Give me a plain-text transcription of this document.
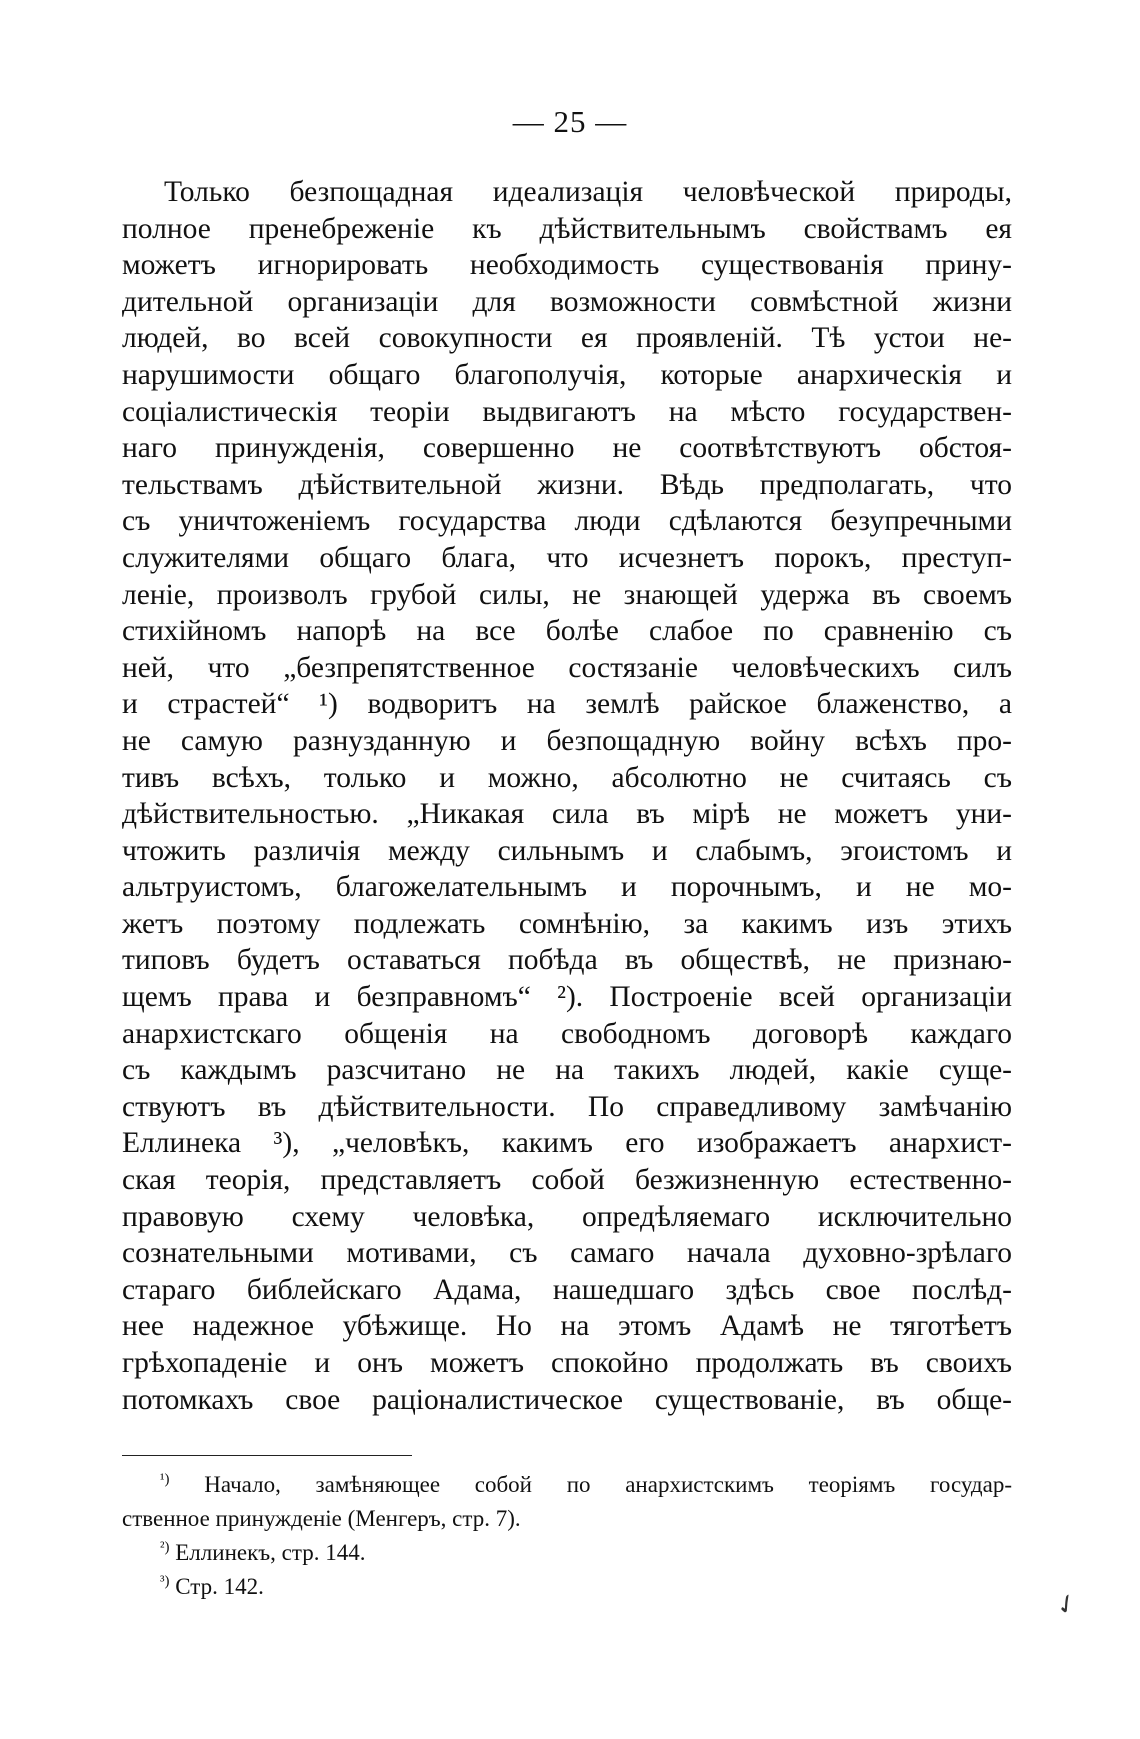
— 25 —
Только безпощадная идеализація человѣческой природы,
полное пренебреженіе къ дѣйствительнымъ свойствамъ ея
можетъ игнорировать необходимость существованія прину-
дительной организаціи для возможности совмѣстной жизни
людей, во всей совокупности ея проявленій. Тѣ устои не-
нарушимости общаго благополучія, которые анархическія и
соціалистическія теоріи выдвигаютъ на мѣсто государствен-
наго принужденія, совершенно не соотвѣтствуютъ обстоя-
тельствамъ дѣйствительной жизни. Вѣдь предполагать, что
съ уничтоженіемъ государства люди сдѣлаются безупречными
служителями общаго блага, что исчезнетъ порокъ, преступ-
леніе, произволъ грубой силы, не знающей удержа въ своемъ
стихійномъ напорѣ на все болѣе слабое по сравненію съ
ней, что „безпрепятственное состязаніе человѣческихъ силъ
и страстей“ ¹) водворитъ на землѣ райское блаженство, а
не самую разнузданную и безпощадную войну всѣхъ про-
тивъ всѣхъ, только и можно, абсолютно не считаясь съ
дѣйствительностью. „Никакая сила въ мірѣ не можетъ уни-
чтожить различія между сильнымъ и слабымъ, эгоистомъ и
альтруистомъ, благожелательнымъ и порочнымъ, и не мо-
жетъ поэтому подлежать сомнѣнію, за какимъ изъ этихъ
типовъ будетъ оставаться побѣда въ обществѣ, не признаю-
щемъ права и безправномъ“ ²). Построеніе всей организаціи
анархистскаго общенія на свободномъ договорѣ каждаго
съ каждымъ разсчитано не на такихъ людей, какіе суще-
ствуютъ въ дѣйствительности. По справедливому замѣчанію
Еллинека ³), „человѣкъ, какимъ его изображаетъ анархист-
ская теорія, представляетъ собой безжизненную естественно-
правовую схему человѣка, опредѣляемаго исключительно
сознательными мотивами, съ самаго начала духовно-зрѣлаго
стараго библейскаго Адама, нашедшаго здѣсь свое послѣд-
нее надежное убѣжище. Но на этомъ Адамѣ не тяготѣетъ
грѣхопаденіе и онъ можетъ спокойно продолжать въ своихъ
потомкахъ свое раціоналистическое существованіе, въ обще-
$^{^1)}$ Начало, замѣняющее собой по анархистскимъ теоріямъ государ-
ственное принужденіе (Менгеръ, стр. 7).
$^{^2)}$ Еллинекъ, стр. 144.
$^{^3)}$ Стр. 142.
✓
